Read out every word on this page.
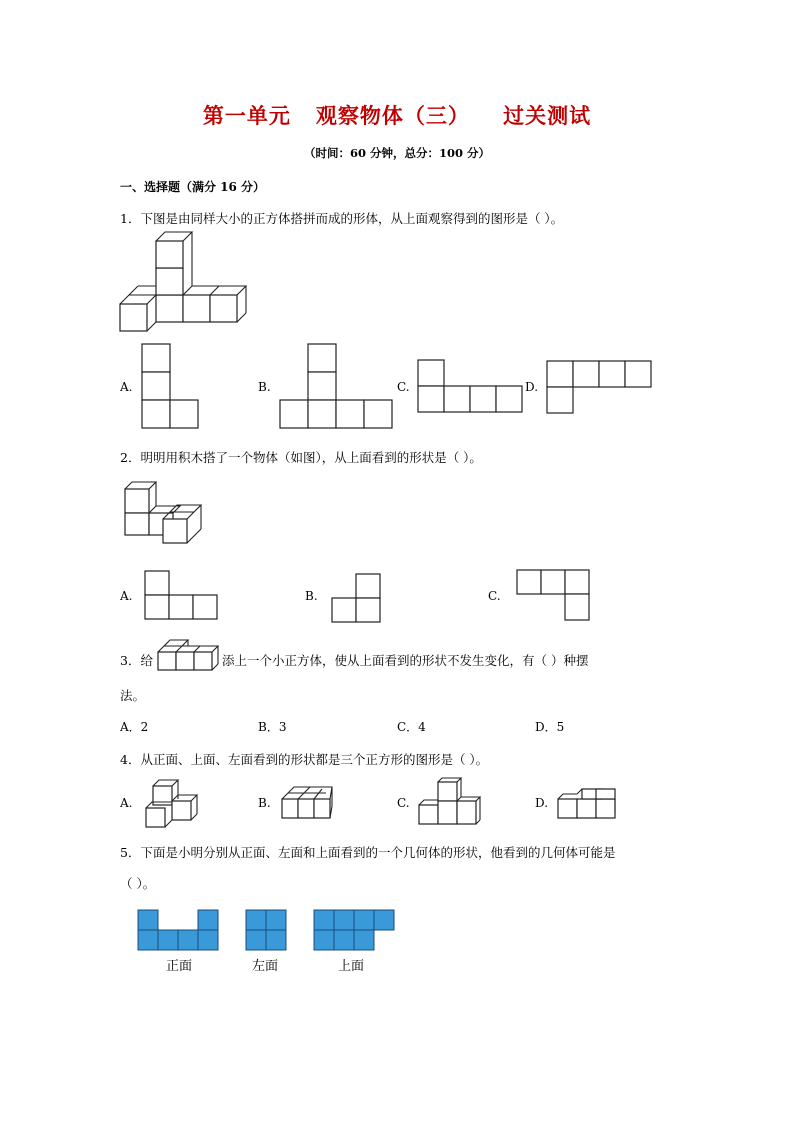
第一单元   观察物体（三）    过关测试
（时间：60 分钟，总分：100 分）
一、选择题（满分 16 分）
1．下图是由同样大小的正方体搭拼而成的形体，从上面观察得到的图形是（ ）。
A.	B.	C.	D.
2．明明用积木搭了一个物体（如图），从上面看到的形状是（ ）。
A.	B.	C.
3．给	添上一个小正方体，使从上面看到的形状不发生变化，有（ ）种摆
法。
A．2	B．3	C．4	D．5
4．从正面、上面、左面看到的形状都是三个正方形的图形是（ ）。
A.	B.	C.	D.
5．下面是小明分别从正面、左面和上面看到的一个几何体的形状，他看到的几何体可能是
（ ）。
正面	左面	上面
